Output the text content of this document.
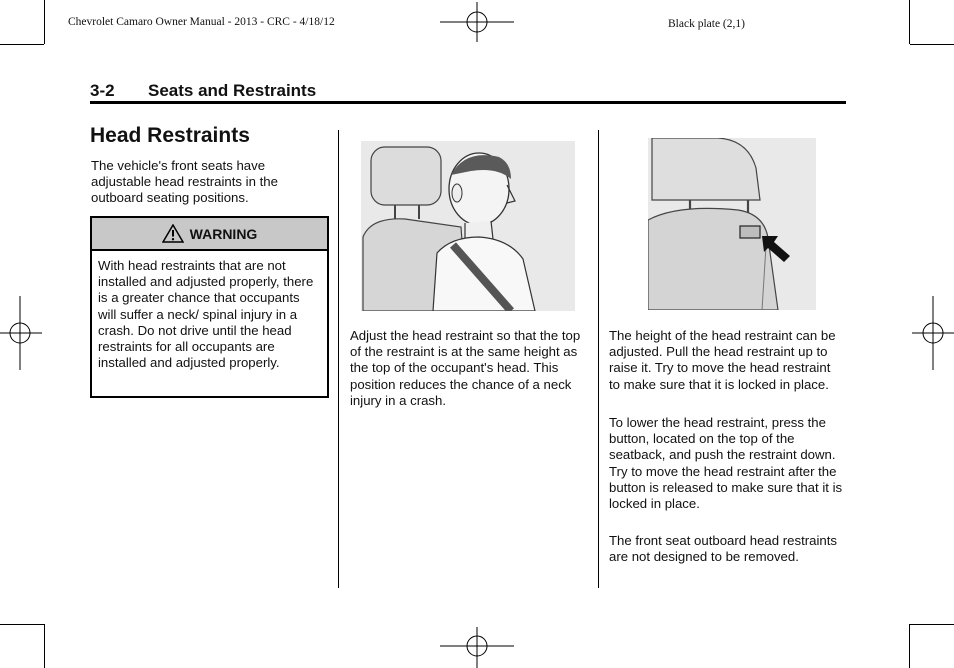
Chevrolet Camaro Owner Manual - 2013 - CRC - 4/18/12	Black plate (2,1)
3-2 Seats and Restraints
Head Restraints

The vehicle's front seats have adjustable head restraints in the outboard seating positions.

WARNING

With head restraints that are not installed and adjusted properly, there is a greater chance that occupants will suffer a neck/ spinal injury in a crash. Do not drive until the head restraints for all occupants are installed and adjusted properly.

Adjust the head restraint so that the top of the restraint is at the same height as the top of the occupant's head. This position reduces the chance of a neck injury in a crash.

The height of the head restraint can be adjusted. Pull the head restraint up to raise it. Try to move the head restraint to make sure that it is locked in place.

To lower the head restraint, press the button, located on the top of the seatback, and push the restraint down. Try to move the head restraint after the button is released to make sure that it is locked in place.

The front seat outboard head restraints are not designed to be removed.
